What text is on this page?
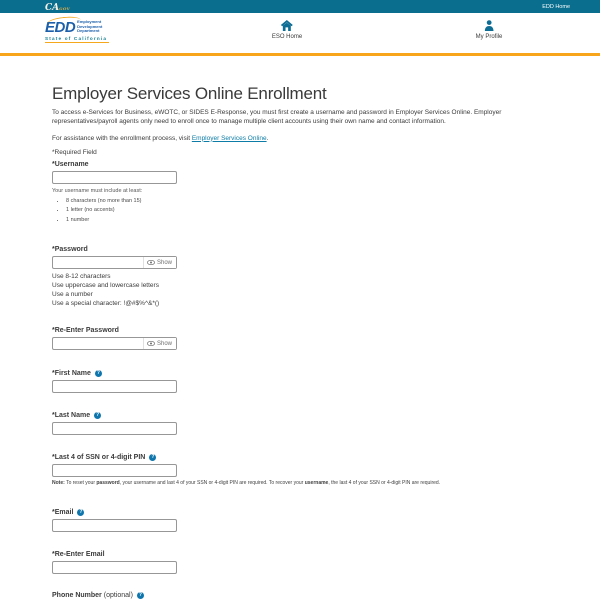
CAGOV	EDD Home
EDD Employment
Development
Department
State of California	ESO Home	My Profile
Employer Services Online Enrollment

To access e-Services for Business, eWOTC, or SIDES E-Response, you must first create a username and password in Employer Services Online. Employer representatives/payroll agents only need to enroll once to manage multiple client accounts using their own name and contact information.

For assistance with the enrollment process, visit Employer Services Online.

*Required Field
*Username
Your username must include at least:
• 8 characters (no more than 15)
• 1 letter (no accents)
• 1 number
*Password
Show
Use 8-12 characters
Use uppercase and lowercase letters
Use a number
Use a special character: !@#$%^&*()
*Re-Enter Password
Show
*First Name	?
*Last Name	?
*Last 4 of SSN or 4-digit PIN	?
Note: To reset your password, your username and last 4 of your SSN or 4-digit PIN are required. To recover your username, the last 4 of your SSN or 4-digit PIN are required.
*Email	?
*Re-Enter Email
Phone Number (optional)	?
